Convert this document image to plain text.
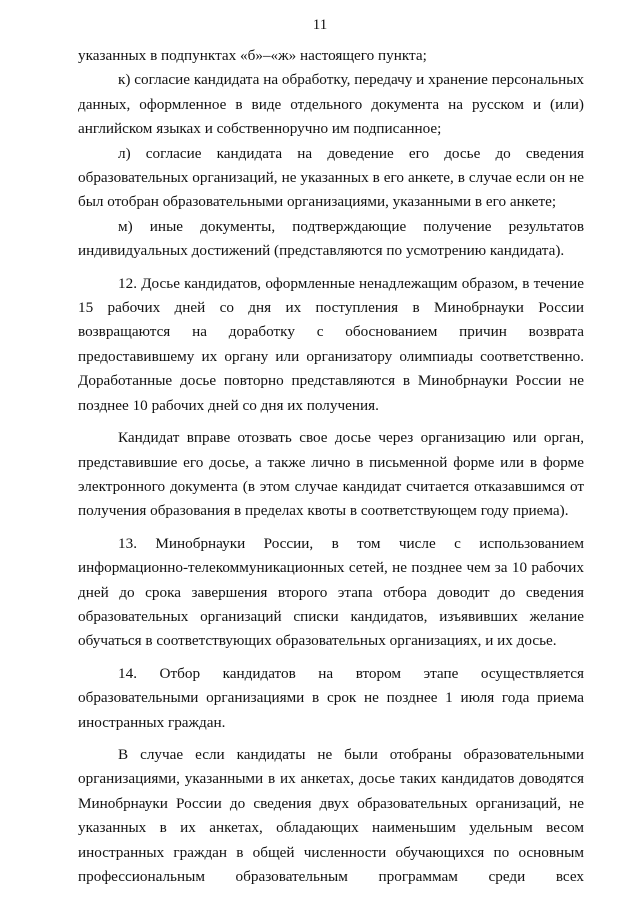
11

указанных в подпунктах «б»–«ж» настоящего пункта;

к) согласие кандидата на обработку, передачу и хранение персональных данных, оформленное в виде отдельного документа на русском и (или) английском языках и собственноручно им подписанное;

л) согласие кандидата на доведение его досье до сведения образовательных организаций, не указанных в его анкете, в случае если он не был отобран образовательными организациями, указанными в его анкете;

м) иные документы, подтверждающие получение результатов индивидуальных достижений (представляются по усмотрению кандидата).

12. Досье кандидатов, оформленные ненадлежащим образом, в течение 15 рабочих дней со дня их поступления в Минобрнауки России возвращаются на доработку с обоснованием причин возврата предоставившему их органу или организатору олимпиады соответственно. Доработанные досье повторно представляются в Минобрнауки России не позднее 10 рабочих дней со дня их получения.

Кандидат вправе отозвать свое досье через организацию или орган, представившие его досье, а также лично в письменной форме или в форме электронного документа (в этом случае кандидат считается отказавшимся от получения образования в пределах квоты в соответствующем году приема).

13. Минобрнауки России, в том числе с использованием информационно-телекоммуникационных сетей, не позднее чем за 10 рабочих дней до срока завершения второго этапа отбора доводит до сведения образовательных организаций списки кандидатов, изъявивших желание обучаться в соответствующих образовательных организациях, и их досье.

14. Отбор кандидатов на втором этапе осуществляется образовательными организациями в срок не позднее 1 июля года приема иностранных граждан.

В случае если кандидаты не были отобраны образовательными организациями, указанными в их анкетах, досье таких кандидатов доводятся Минобрнауки России до сведения двух образовательных организаций, не указанных в их анкетах, обладающих наименьшим удельным весом иностранных граждан в общей численности обучающихся по основным профессиональным образовательным программам среди всех
